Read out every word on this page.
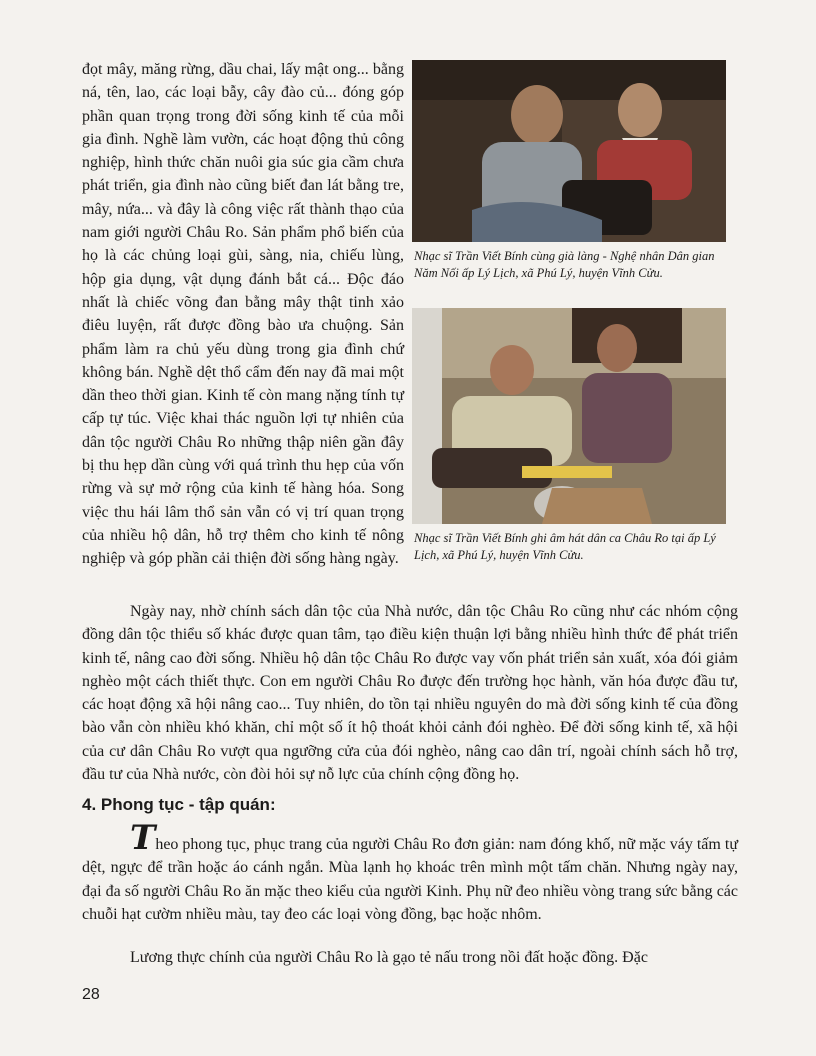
đọt mây, măng rừng, dầu chai, lấy mật ong... bằng ná, tên, lao, các loại bẫy, cây đào củ... đóng góp phần quan trọng trong đời sống kinh tế của mỗi gia đình. Nghề làm vườn, các hoạt động thủ công nghiệp, hình thức chăn nuôi gia súc gia cầm chưa phát triển, gia đình nào cũng biết đan lát bằng tre, mây, nứa... và đây là công việc rất thành thạo của nam giới người Châu Ro. Sản phẩm phổ biến của họ là các chủng loại gùi, sàng, nia, chiếu lùng, hộp gia dụng, vật dụng đánh bắt cá... Độc đáo nhất là chiếc võng đan bằng mây thật tinh xảo điêu luyện, rất được đồng bào ưa chuộng. Sản phẩm làm ra chủ yếu dùng trong gia đình chứ không bán. Nghề dệt thổ cẩm đến nay đã mai một dần theo thời gian. Kinh tế còn mang nặng tính tự cấp tự túc. Việc khai thác nguồn lợi tự nhiên của dân tộc người Châu Ro những thập niên gần đây bị thu hẹp dần cùng với quá trình thu hẹp của vốn rừng và sự mở rộng của kinh tế hàng hóa. Song việc thu hái lâm thổ sản vẫn có vị trí quan trọng của nhiều hộ dân, hỗ trợ thêm cho kinh tế nông nghiệp và góp phần cải thiện đời sống hàng ngày.

Nhạc sĩ Trần Viết Bính cùng già làng - Nghệ nhân Dân gian Năm Nối ấp Lý Lịch, xã Phú Lý, huyện Vĩnh Cửu.
Nhạc sĩ Trần Viết Bính ghi âm hát dân ca Châu Ro tại ấp Lý Lịch, xã Phú Lý, huyện Vĩnh Cửu.

Ngày nay, nhờ chính sách dân tộc của Nhà nước, dân tộc Châu Ro cũng như các nhóm cộng đồng dân tộc thiểu số khác được quan tâm, tạo điều kiện thuận lợi bằng nhiều hình thức để phát triển kinh tế, nâng cao đời sống. Nhiều hộ dân tộc Châu Ro được vay vốn phát triển sản xuất, xóa đói giảm nghèo một cách thiết thực. Con em người Châu Ro được đến trường học hành, văn hóa được đầu tư, các hoạt động xã hội nâng cao... Tuy nhiên, do tồn tại nhiều nguyên do mà đời sống kinh tế của đồng bào vẫn còn nhiều khó khăn, chỉ một số ít hộ thoát khỏi cảnh đói nghèo. Để đời sống kinh tế, xã hội của cư dân Châu Ro vượt qua ngưỡng cửa của đói nghèo, nâng cao dân trí, ngoài chính sách hỗ trợ, đầu tư của Nhà nước, còn đòi hỏi sự nỗ lực của chính cộng đồng họ.

4. Phong tục - tập quán:

Theo phong tục, phục trang của người Châu Ro đơn giản: nam đóng khố, nữ mặc váy tấm tự dệt, ngực để trần hoặc áo cánh ngắn. Mùa lạnh họ khoác trên mình một tấm chăn. Nhưng ngày nay, đại đa số người Châu Ro ăn mặc theo kiểu của người Kinh. Phụ nữ đeo nhiều vòng trang sức bằng các chuỗi hạt cườm nhiều màu, tay đeo các loại vòng đồng, bạc hoặc nhôm.

Lương thực chính của người Châu Ro là gạo tẻ nấu trong nồi đất hoặc đồng. Đặc

28
